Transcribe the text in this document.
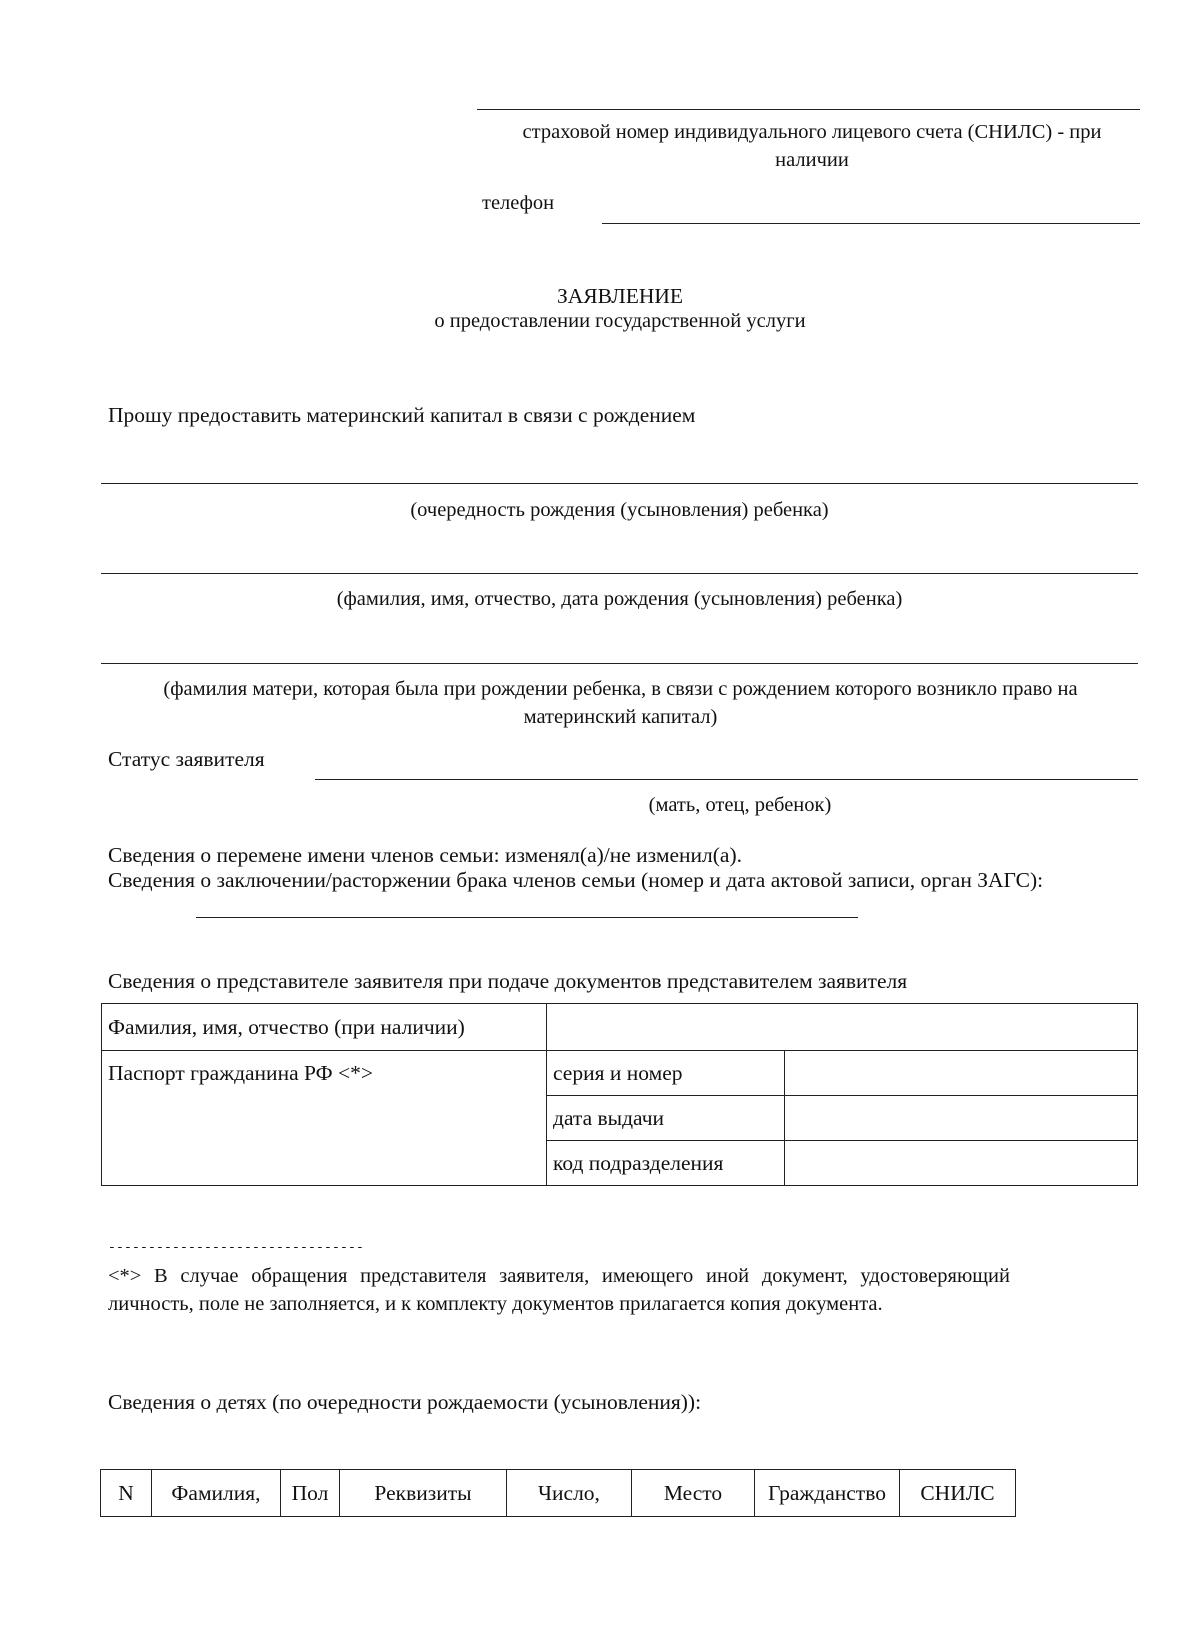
страховой номер индивидуального лицевого счета (СНИЛС) - при наличии
телефон
ЗАЯВЛЕНИЕ
о предоставлении государственной услуги
Прошу предоставить материнский капитал в связи с рождением
(очередность рождения (усыновления) ребенка)
(фамилия, имя, отчество, дата рождения (усыновления) ребенка)
(фамилия матери, которая была при рождении ребенка, в связи с рождением которого возникло право на материнский капитал)
Статус заявителя
(мать, отец, ребенок)
Сведения о перемене имени членов семьи: изменял(а)/не изменил(а).
Сведения о заключении/расторжении брака членов семьи (номер и дата актовой записи, орган ЗАГС):
Сведения о представителе заявителя при подаче документов представителем заявителя
Фамилия, имя, отчество (при наличии)		
Паспорт гражданина РФ <*>	серия и номер	
	дата выдачи	
	код подразделения	
--------------------------------
<*> В случае обращения представителя заявителя, имеющего иной документ, удостоверяющий личность, поле не заполняется, и к комплекту документов прилагается копия документа.
Сведения о детях (по очередности рождаемости (усыновления)):
N	Фамилия,	Пол	Реквизиты	Число,	Место	Гражданство	СНИЛС
